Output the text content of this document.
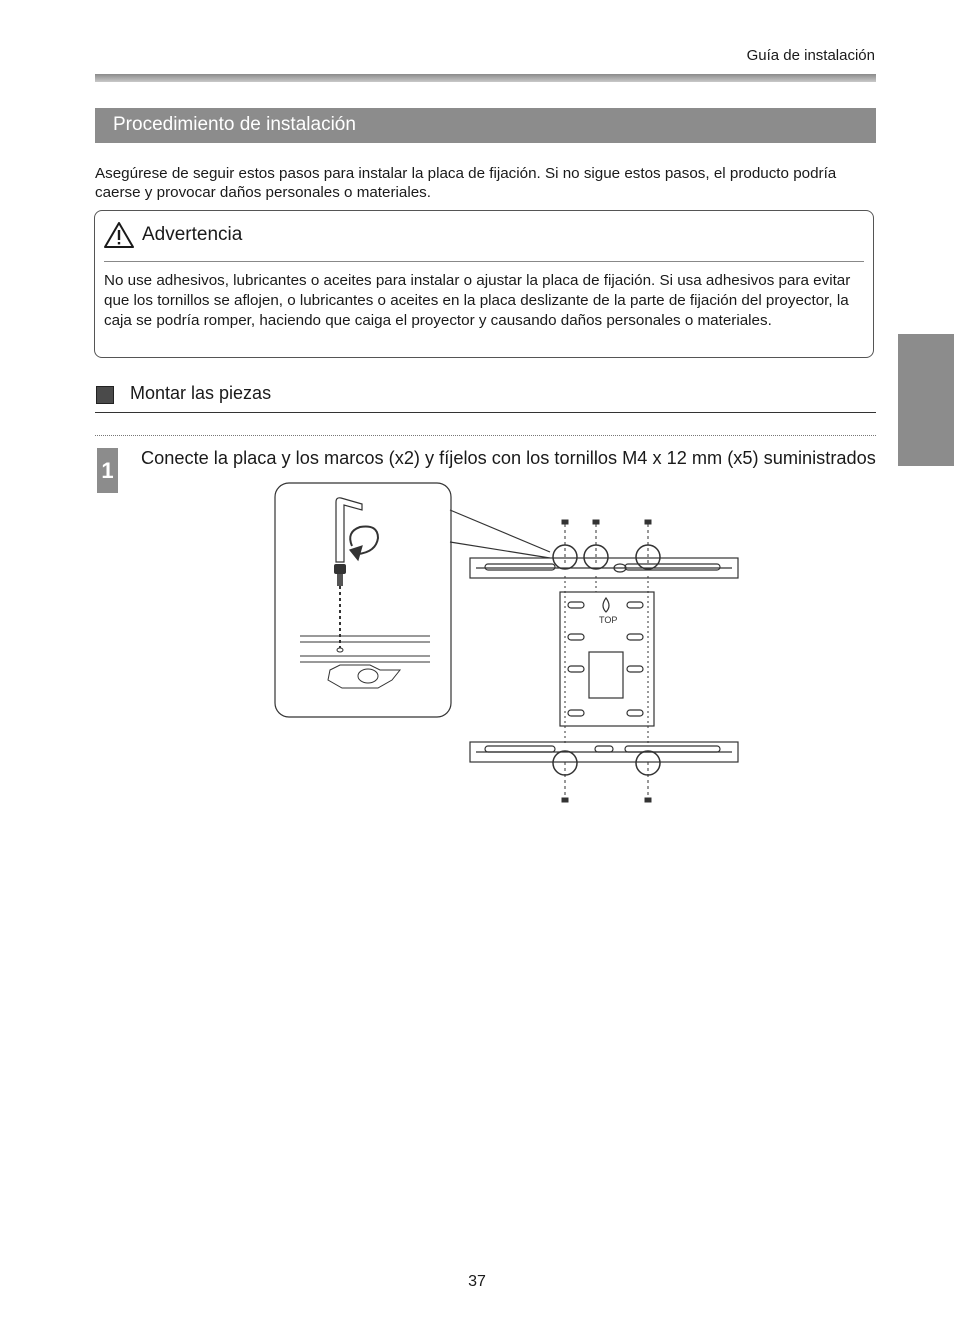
Guía de instalación
Procedimiento de instalación
Asegúrese de seguir estos pasos para instalar la placa de fijación. Si no sigue estos pasos, el producto podría caerse y provocar daños personales o materiales.
Advertencia
No use adhesivos, lubricantes o aceites para instalar o ajustar la placa de fijación. Si usa adhesivos para evitar que los tornillos se aflojen, o lubricantes o aceites en la placa deslizante de la parte de fijación del proyector, la caja se podría romper, haciendo que caiga el proyector y causando daños personales o materiales.
Montar las piezas
1 Conecte la placa y los marcos (x2) y fíjelos con los tornillos M4 x 12 mm (x5) suministrados
TOP
37
